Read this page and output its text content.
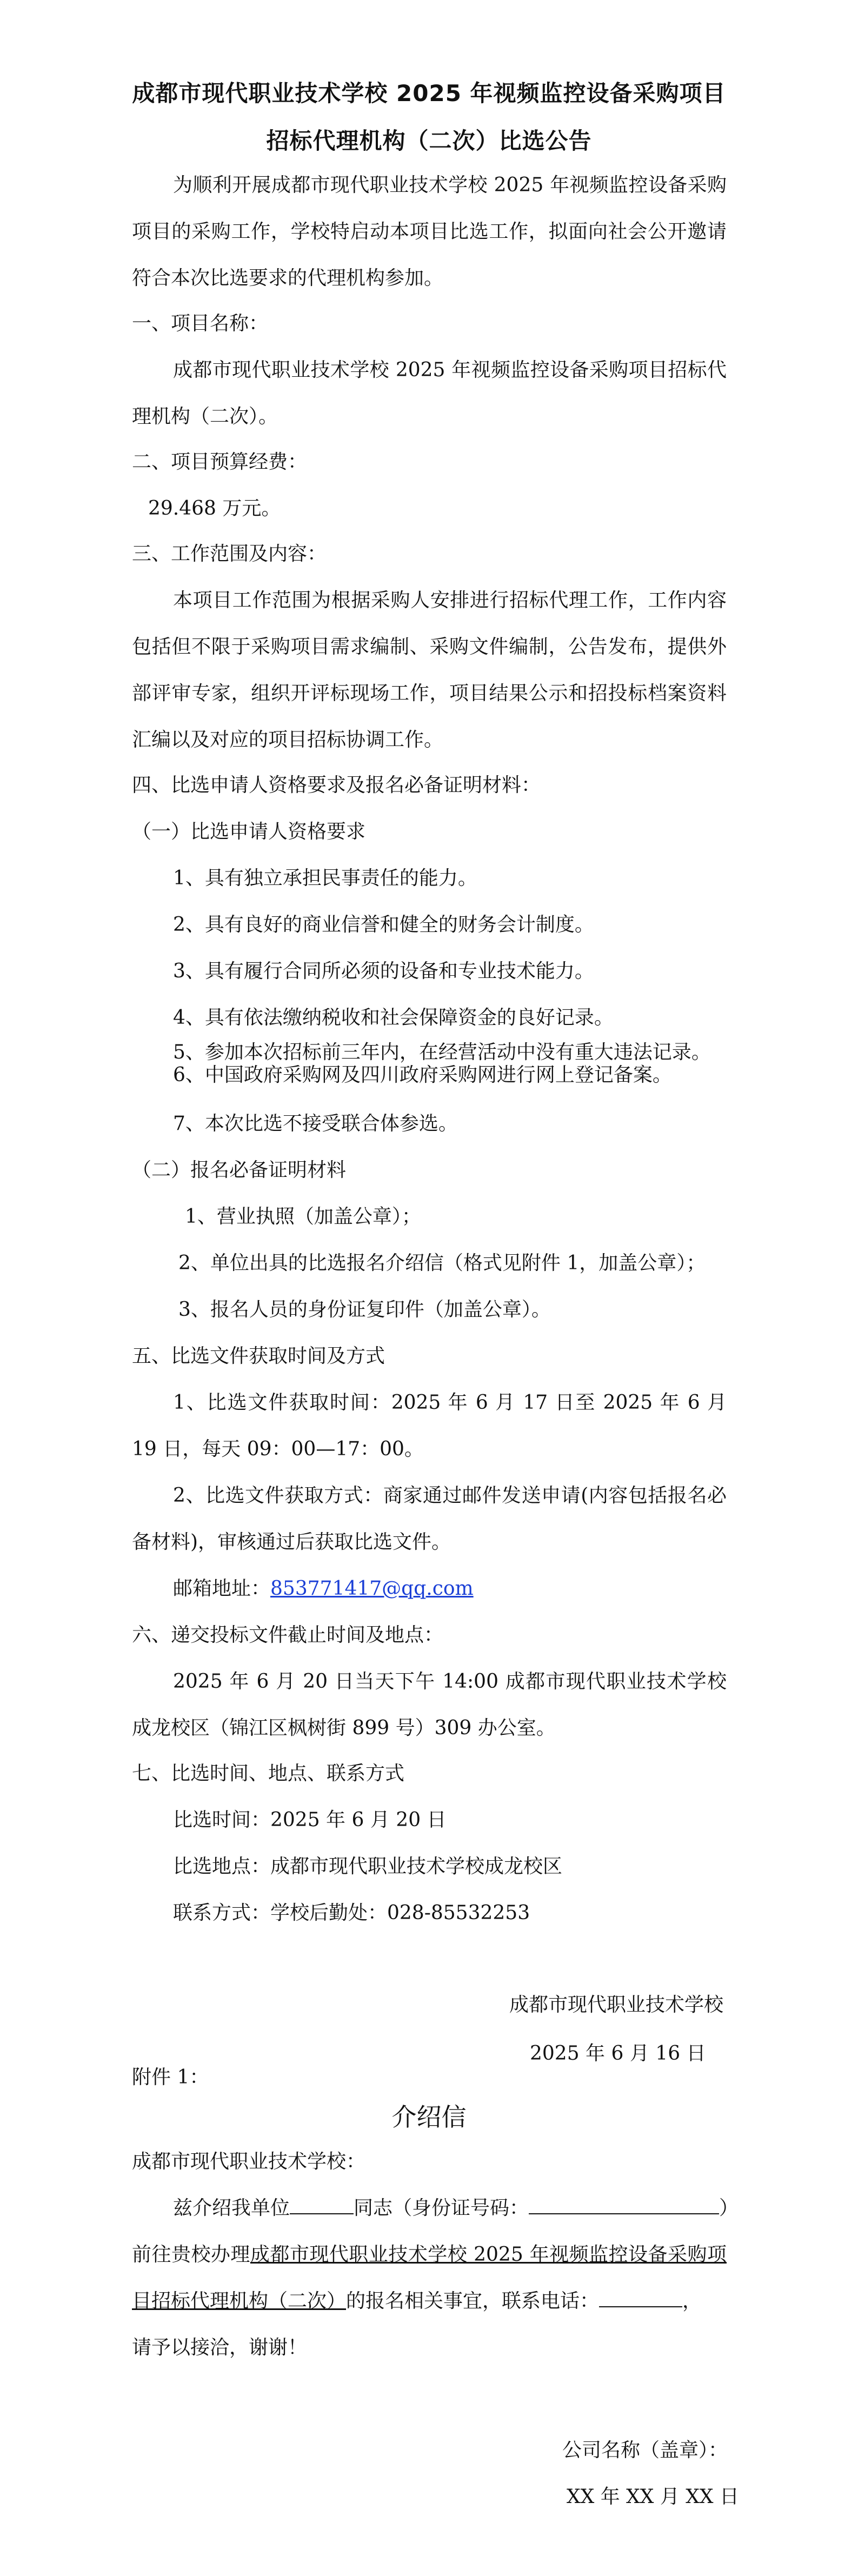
成都市现代职业技术学校 2025 年视频监控设备采购项目
招标代理机构（二次）比选公告
为顺利开展成都市现代职业技术学校 2025 年视频监控设备采购项目的采购工作，学校特启动本项目比选工作，拟面向社会公开邀请符合本次比选要求的代理机构参加。
一、项目名称：
成都市现代职业技术学校 2025 年视频监控设备采购项目招标代理机构（二次）。
二、项目预算经费：
29.468 万元。
三、工作范围及内容：
本项目工作范围为根据采购人安排进行招标代理工作，工作内容包括但不限于采购项目需求编制、采购文件编制，公告发布，提供外部评审专家，组织开评标现场工作，项目结果公示和招投标档案资料汇编以及对应的项目招标协调工作。
四、比选申请人资格要求及报名必备证明材料：
（一）比选申请人资格要求
1、具有独立承担民事责任的能力。
2、具有良好的商业信誉和健全的财务会计制度。
3、具有履行合同所必须的设备和专业技术能力。
4、具有依法缴纳税收和社会保障资金的良好记录。
5、参加本次招标前三年内，在经营活动中没有重大违法记录。
6、中国政府采购网及四川政府采购网进行网上登记备案。
7、本次比选不接受联合体参选。
（二）报名必备证明材料
1、营业执照（加盖公章）；
2、单位出具的比选报名介绍信（格式见附件 1，加盖公章）；
3、报名人员的身份证复印件（加盖公章）。
五、比选文件获取时间及方式
1、比选文件获取时间：2025 年 6 月 17 日至 2025 年 6 月 19 日，每天 09：00—17：00。
2、比选文件获取方式：商家通过邮件发送申请(内容包括报名必备材料)，审核通过后获取比选文件。
邮箱地址：853771417@qq.com
六、递交投标文件截止时间及地点：
2025 年 6 月 20 日当天下午 14:00 成都市现代职业技术学校成龙校区（锦江区枫树街 899 号）309 办公室。
七、比选时间、地点、联系方式
比选时间：2025 年 6 月 20 日
比选地点：成都市现代职业技术学校成龙校区
联系方式：学校后勤处：028-85532253
成都市现代职业技术学校
2025 年 6 月 16 日
附件 1：
介绍信
成都市现代职业技术学校：
兹介绍我单位	同志（身份证号码：	）
前往贵校办理成都市现代职业技术学校 2025 年视频监控设备采购项目招标代理机构（二次）的报名相关事宜，联系电话：	，
请予以接洽，谢谢！
公司名称（盖章）：
XX 年 XX 月 XX 日
